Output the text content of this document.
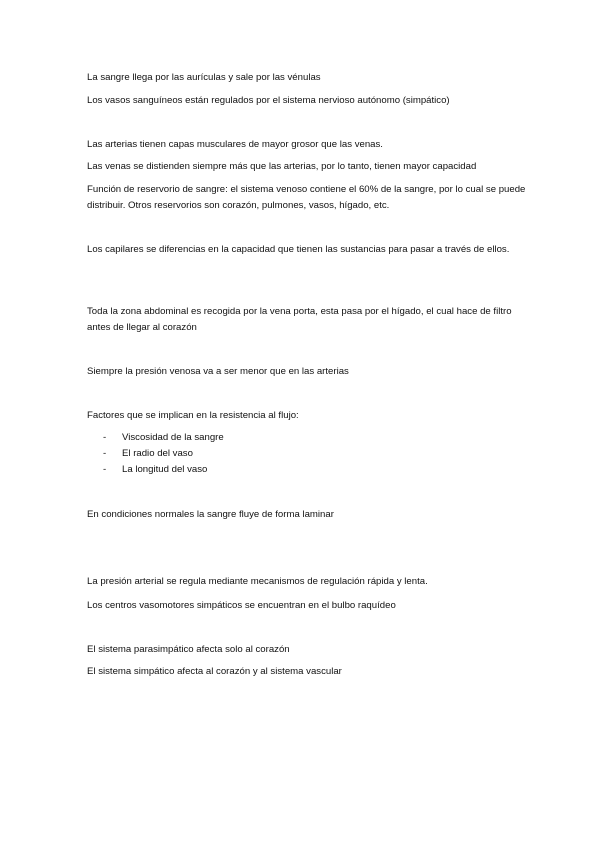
La sangre llega por las aurículas y sale por las vénulas

Los vasos sanguíneos están regulados por el sistema nervioso autónomo (simpático)

Las arterias tienen capas musculares de mayor grosor que las venas.

Las venas se distienden siempre más que las arterias, por lo tanto, tienen mayor capacidad

Función de reservorio de sangre: el sistema venoso contiene el 60% de la sangre, por lo cual se puede distribuir. Otros reservorios son corazón, pulmones, vasos, hígado, etc.

Los capilares se diferencias en la capacidad que tienen las sustancias para pasar a través de ellos.

Toda la zona abdominal es recogida por la vena porta, esta pasa por el hígado, el cual hace de filtro antes de llegar al corazón

Siempre la presión venosa va a ser menor que en las arterias

Factores que se implican en la resistencia al flujo:

- Viscosidad de la sangre
- El radio del vaso
- La longitud del vaso

En condiciones normales la sangre fluye de forma laminar

La presión arterial se regula mediante mecanismos de regulación rápida y lenta.

Los centros vasomotores simpáticos se encuentran en el bulbo raquídeo

El sistema parasimpático afecta solo al corazón

El sistema simpático afecta al corazón y al sistema vascular
